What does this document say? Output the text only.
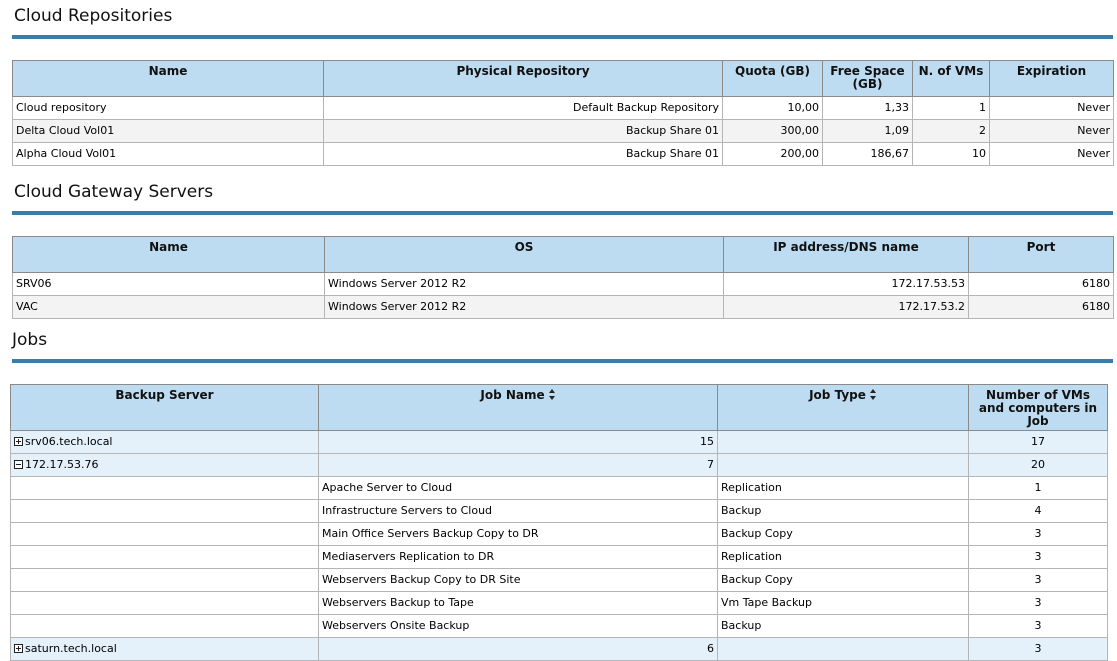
Cloud Repositories
Name	Physical Repository	Quota (GB)	Free Space (GB)	N. of VMs	Expiration
Cloud repository	Default Backup Repository	10,00	1,33	1	Never
Delta Cloud Vol01	Backup Share 01	300,00	1,09	2	Never
Alpha Cloud Vol01	Backup Share 01	200,00	186,67	10	Never
Cloud Gateway Servers
Name	OS	IP address/DNS name	Port
SRV06	Windows Server 2012 R2	172.17.53.53	6180
VAC	Windows Server 2012 R2	172.17.53.2	6180
Jobs
Backup Server	Job Name	Job Type	Number of VMs and computers in Job
srv06.tech.local	15		17
172.17.53.76	7		20
	Apache Server to Cloud	Replication	1
	Infrastructure Servers to Cloud	Backup	4
	Main Office Servers Backup Copy to DR	Backup Copy	3
	Mediaservers Replication to DR	Replication	3
	Webservers Backup Copy to DR Site	Backup Copy	3
	Webservers Backup to Tape	Vm Tape Backup	3
	Webservers Onsite Backup	Backup	3
saturn.tech.local	6		3
